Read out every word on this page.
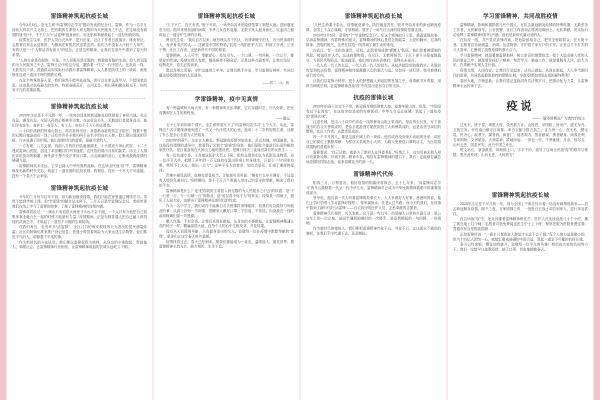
雷锋精神筑起抗疫长城

今年3月5日，是毛主席“向雷锋同志学习”题词发表的纪念日。雷锋，作为一名平凡而伟大的共产主义战士，把有限的生命投入到无限的为人民服务之中去。在这场没有硝烟的战“疫”中，千千万万个“活雷锋”挺身而出，用无私和奉献筑起了一道坚固的防线。

疫情发生以来，医护人员白衣执甲、逆行出征，社区工作者日夜值守、排查登记，志愿者们奔走运送物资，为隔离在家的居民送菜送药。他们当中没有人计较个人得失，有的只是“一个人要活得有意义”的信念。正是这种精神，让我们在寒冬中看到了春天的希望。

“人的生命是有限的，可是，为人民服务是无限的，我要把有限的生命，投入到无限的为人民服务之中去。”雷锋日记中的这句话，激励着一代又一代中国人。在抗疫一线，无数党员干部、普通群众用实际行动践行着雷锋精神，人人都是防线上的一块砖，座座堡垒连成一道冲不垮的钢铁长城。

在这个特殊的春天里，我们虽然不能奔赴前线，但可以在家认真学习、不给国家添乱，这也是对抗疫最大的支持。待到春暖花开，山河无恙，我们再相聚在阳光下，向所有平凡的英雄致敬。

雷锋精神筑起抗疫长城

2020年注定是不平凡的一年，一场突如其来的新冠肺炎疫情席卷了神州大地。武汉告急，湖北告急，全国人民的心都被牵动着。在这危急关头，无数逆行者挺身而出，他们中有医生、有护士、有军人、有工人，也有千千万万的志愿者。

八十四岁高龄的钟南山院士，再次挂帅出征；身患渐冻症的张定宇院长，拖着不便的双腿日夜奋战在一线；还有许许多多我们叫不出名字的白衣天使，脸上勒出深深的印痕，汗水浸透了防护服。他们是新时代的雷锋，是最可爱的人。

一方有难，八方支援。四面八方的医疗队驰援湖北，十天建成火神山医院，十二天建成雷神山医院，创造了举世瞩目的中国速度。农民伯伯捐出自家的蔬菜，环卫工人捐出省吃俭用的积蓄，海外游子想方设法寄回口罩。点点滴滴的爱心，汇聚成战胜疫情的磅礴力量。

雷锋精神从未走远，它早已融入中华民族的血脉。在这场全民战“疫”中，雷锋精神焕发出新的时代光彩，筑起了一道坚固的抗疫长城。我相信，没有一个冬天不可逾越，没有一个春天不会来临。

雷锋精神筑起抗疫长城

今年的三月份与往年不同，因为新冠肺炎疫情，我们只能在家里通过网络学习。虽然不能到学校上课，但“学雷锋”的脚步从未停下。三月五日是学雷锋纪念日，老师带领我们在线上学习了雷锋的故事，了解了雷锋精神的深刻内涵。

雷锋叔叔说过：“一滴水只有放进大海里才永远不会干涸，一个人只有当他把自己和集体事业融合在一起的时候才能最有力量。”疫情期间，正是无数普通人把自己融入到抗疫的洪流之中，才筑起了一道坚不可摧的生命防线。

在我们身边，也有许多“活雷锋”。小区门口的保安叔叔每天为进出的居民测量体温，社区的阿姨们挨家挨户登记信息，快递小哥冒着风险为大家运送生活物资。他们都是平凡的人，却做着不平凡的事。

作为新时代的少先队员，我们要以雷锋叔叔为榜样，从身边的小事做起，帮助他人、奉献社会，让雷锋精神代代相传，让雷锋精神筑起的长城永远屹立不倒。

雷锋精神筑起抗疫长城

“天下兴亡，匹夫有责。”庚子年初，一场突如其来的疫情笼罩了荆楚大地，进而蔓延至全国。面对来势汹汹的病毒，中华儿女没有退缩，无数平凡人挺身而出，以血肉之躯筑起了一道守护生命的长城。

鲁迅先生说：“我们自古以来，就有埋头苦干的人，有拼命硬干的人，有为民请命的人，有舍身求法的人……这就是中国的脊梁。”抗疫一线的医护人员、科研工作者、公安干警、社区工作者，正是新时代中国的脊梁。

雷锋精神，人人可学；奉献爱心，处处可为。一个口罩、一句问候、一次让行，都是爱的传递。疫情无情人有情，隔离病毒不隔离爱。正是这些点滴善举，让我们坚信：疫散花开，春天必将到来。

愿以吾辈之青春，守护这盛世之中华。让我们携手并肩，学习雷锋好榜样，共同打赢这场疫情防控的人民战争。

——初二（1）班
学雷锋精神，疫中见真情
有一种温暖叫人间大爱，有一种精神叫无私奉献，它们穿越时空，历久弥新，把光亮镌刻在人生的旅程里。
——题记

五十七年前的那个春天，毛主席挥笔写下了“向雷锋同志学习”七个大字。从此，雷锋这个名字便深深地刻进了一代又一代中国人的心里。他用二十二岁的短暂生命，诠释了什么是全心全意为人民服务。

2020年的春节，注定让人难忘。新冠肺炎疫情突如其来，武汉封城，举国驰援。在这场没有硝烟的战争中，我看到了无数个“雷锋”的身影：他们是除夕夜逆行出征的解放军医疗队，是日夜奋战在火神山工地的建设者，是骑行四天三夜返回岗位的女医生……

有一位快递小哥，义务接送医护人员上下班，组织志愿者车队为医院运送物资；有一位环卫大爷，把攒了多年的一万元钱放在派出所桌上转身就走，只留下一句“国家有难，我帮不上大忙，就出一点力”。这些平凡人的善举，如点点星光，汇成了璀璨的星河。

苦难中最见真情，危难处更显担当。正如那句话所说：“哪有什么岁月静好，不过是有人替你负重前行。”疫情期间，是千千万万个普通人用自己的坚守和奉献，换来了我们的平安。

雷锋精神是什么？是“把有限的生命投入到无限的为人民服务之中去”的执着，是“干一行爱一行、专一行精一行”的敬业，是“勿以善小而不为”的朴实。疫情是一面镜子，照出了人间大爱，也照出了雷锋精神在新时代的传承。

作为一名中学生，我们或许不能像白衣天使那样冲锋陷阵，但我们可以做好力所能及的事：认真上好每一节网课，提醒家人戴好口罩，不信谣、不传谣，向奋战在一线的叔叔阿姨们道一声感谢。

赠人玫瑰，手有余香。让我们从现在做起，从身边的小事做起，让雷锋精神像蒲公英的种子一样，撒遍祖国大地，在每个人的心中生根发芽、开花结果。

没有从天而降的英雄，只有挺身而出的凡人。致敬每一位在疫情中默默奉献的“雷锋”，是你们让这个春天格外温暖。

疫情终将过去，春天已经到来。愿我们都能成为一束光，温暖他人，照亮世界；愿雷锋精神永放光芒，薪火相传，生生不息。

雷锋精神筑起抗疫长城

“人民生命重于泰山，疫情就是命令，防控就是责任。”面对突如其来的新冠肺炎疫情，全国上下众志成城、守望相助，展开了一场气壮山河的疫情防控阻击战。

2020年3月5日，是第57个“学雷锋纪念日”。在这个特殊的日子里，重温雷锋故事、弘扬雷锋精神，有着特殊的意义。雷锋精神的核心是信念的能量、大爱的胸怀、忘我的精神、进取的锐气，这些在抗疫一线得到了最生动的体现。

在武汉，有一支由快递员、司机、志愿者组成的“摆渡人”队伍，他们冒着被感染的风险，接送医护人员、运送救援物资；在社区，无数网格员、下沉干部不分昼夜地值守，为居民代购药品、配送蔬菜。他们用行动告诉我们：雷锋从未离开。

一代人有一代人的长征，一代人有一代人的担当。从抗洪抢险到抗震救灾，从脱贫攻坚到抗击疫情，雷锋精神始终是凝聚人心的强大力量。它如同一座灯塔，指引着我们前行的方向。

让我们以雷锋为榜样，把个人的梦想融入到祖国的发展之中，用奉献书写青春，用担当铸就长城，让雷锋精神在战“疫”中绽放出更加夺目的光彩。

抗疫的雷锋长城

2020年的春天注定不平常，新冠病毒肆虐荆楚大地，侵袭华夏山河。但是，“中国没有过不去的坎”，在这场突如其来的灾难面前，中华儿女众志成城，筑起了一道抗疫的“雷锋长城”。

这道长城，是由八十四岁仍奔赴一线的钟南山院士筑成的，是由剪去长发、写下请战书的白衣天使筑成的，是由日夜抢建方舱医院的工人师傅筑成的，也是由坚守岗位的警察、社区工作者、志愿者筑成的。

每一个平凡的人，都是这道长城上的一块砖。他们或许没有惊天动地的壮举，却在自己的岗位上默默奉献：为邻居买菜的热心大妈，为路人免费送口罩的店主，为医院捐款捐物的普通市民……

雷锋曾说：“自己活着，就是为了使别人过得更美好。”疫情之下，这句话被无数人用行动重新诠释。长城不倒，精神永存。相信在雷锋精神的感召下，我们一定能够打赢这场疫情防控阻击战，迎来春暖花开的那一天。

雷锋精神代代传

阳春三月，万物复苏，相信疫情的阴霾终将散去。五十七年来，“向雷锋同志学习”的号召激励着一代又一代中华儿女，雷锋精神早已成为中华民族精神谱系中的重要组成部分。

爷爷说，他们那一代人听着雷锋的故事长大，人人争做好人好事；爸爸妈妈说，他们上学时学唱《学习雷锋好榜样》，帮军属挑水、扶老人过马路；而今天的我们，在疫情中看到了新时代的“活雷锋”——白衣执甲的医护人员、无私奉献的志愿者。

雷锋精神代代相传，历久弥新。它不是一句口号，而是融入日常的点滴行动：是公交车上的一次让座，是同学遇到困难时的一次援手，是疫情期间的一句问候、一份捐助。

作为新时代的接班人，我们要把雷锋精神内化于心、外化于行，让这面永不褪色的旗帜，在我们手中传递下去，高高飘扬。

学习雷锋精神，共同战胜疫情

雷锋精神，影响和激励着几代中国人。在抗击新冠肺炎疫情的特殊时期，无数医务工作者、人民解放军、公安民警、社区工作者和志愿者迎难而上、无私奉献，用实际行动诠释了雷锋精神的时代内涵，他们是新时代最可爱的人。

在抗疫一线，共产党员冲锋在前，把危险留给自己，把安全留给群众；在大街小巷，志愿者们协助测温、消毒、运送物资，守护着千家万户的平安。正是这千千万万的凡人善举，汇聚成了战胜疫情的强大合力。

学习雷锋精神，就是要像雷锋那样，树立崇高的理想信念，把个人追求融入党和人民的事业之中；就是要发扬钉子精神，刻苦学习、勤奋工作；就是要服务人民、助人为乐，在奉献中实现人生价值。

疫情无情，人间有爱。让我们行动起来，从自己做起，从现在做起，人人争当新时代的雷锋，共同筑起群防群控的钢铁长城，夺取疫情防控阻击战的最终胜利！

春回大地，万物更新。让我们铭记这段同舟共济的岁月，把感动化为力量，让雷锋精神永远传承下去。

疫说
——一篇疫情期间广为流传的短文

己亥末，庚子春，荆楚大疫，染者数万计。众惶恐，举国防，皆闭户，道无车舟，万巷空寂。幸有南山镇守江南都，率白衣郎中数万抗之。且九州一心，医无私，警无畏，民齐心；政者令，媒者真，商者仁；能者竭力，智者献谋，勇者献身；商客让利，名家捐物，文者赋诗。火神雷神，拔地而起；一省包一市，千里驰援。月余，疫尽去，山河无恙，国泰民安，此乃中国之幸也。

短文不长，寥寥数语，却朗朗上口，字字千钧，道尽了这场全民战“疫”的艰辛与豪情。愿历此坎坷，山河无恙，人间皆安！

雷锋精神筑起抗疫长城

2020年注定是不平凡的一年，因为全国上下都在经历着一场没有硝烟的战争——抗击新冠肺炎疫情。除夕之夜，万家团圆之时，一批批白衣战士却告别家人，逆行奔赴武汉。

在这场战“疫”中，处处闪耀着雷锋精神的光芒。医护人员连续奋战几十个小时，累了就在地上打个盹；志愿者司机免费接送医生护士上下班；餐馆老板为医院免费送餐；普通市民自发捐款捐物……

正如雷锋所说：“一滴水只有放进大海里才永远不会干涸。”每个人的力量是渺小的，但当十四亿人团结一心，就能汇聚成磅礴的中国力量，筑起一道坚不可摧的抗疫长城。

春天已经来临，樱花即将盛开。致敬每一位平凡的英雄！相信在大家的共同努力下，我们一定能早日战胜疫情，摘下口罩，自由地拥抱春天。
